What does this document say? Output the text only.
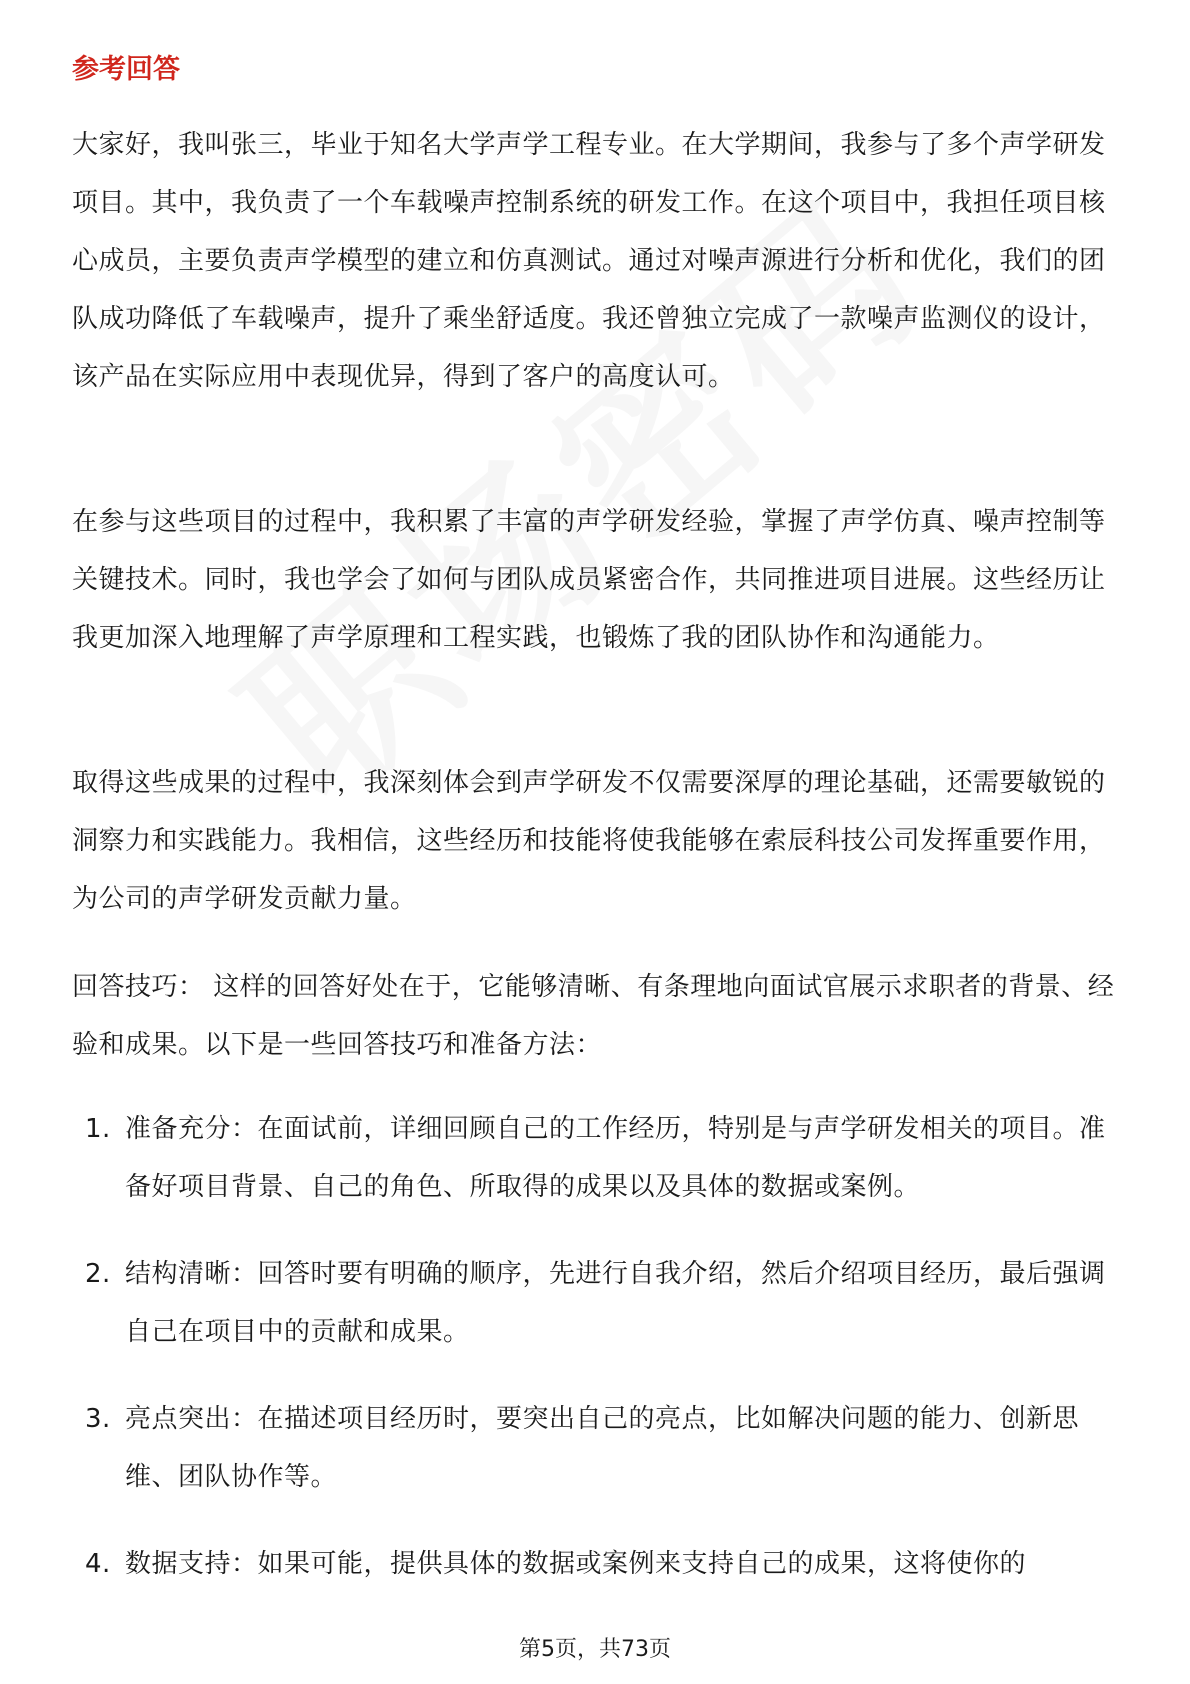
参考回答

大家好，我叫张三，毕业于知名大学声学工程专业。在大学期间，我参与了多个声学研发项目。其中，我负责了一个车载噪声控制系统的研发工作。在这个项目中，我担任项目核心成员，主要负责声学模型的建立和仿真测试。通过对噪声源进行分析和优化，我们的团队成功降低了车载噪声，提升了乘坐舒适度。我还曾独立完成了一款噪声监测仪的设计，该产品在实际应用中表现优异，得到了客户的高度认可。

在参与这些项目的过程中，我积累了丰富的声学研发经验，掌握了声学仿真、噪声控制等关键技术。同时，我也学会了如何与团队成员紧密合作，共同推进项目进展。这些经历让我更加深入地理解了声学原理和工程实践，也锻炼了我的团队协作和沟通能力。

取得这些成果的过程中，我深刻体会到声学研发不仅需要深厚的理论基础，还需要敏锐的洞察力和实践能力。我相信，这些经历和技能将使我能够在索辰科技公司发挥重要作用，为公司的声学研发贡献力量。

回答技巧： 这样的回答好处在于，它能够清晰、有条理地向面试官展示求职者的背景、经验和成果。以下是一些回答技巧和准备方法：

1. 准备充分：在面试前，详细回顾自己的工作经历，特别是与声学研发相关的项目。准备好项目背景、自己的角色、所取得的成果以及具体的数据或案例。
2. 结构清晰：回答时要有明确的顺序，先进行自我介绍，然后介绍项目经历，最后强调自己在项目中的贡献和成果。
3. 亮点突出：在描述项目经历时，要突出自己的亮点，比如解决问题的能力、创新思维、团队协作等。
4. 数据支持：如果可能，提供具体的数据或案例来支持自己的成果，这将使你的
第5页，共73页
